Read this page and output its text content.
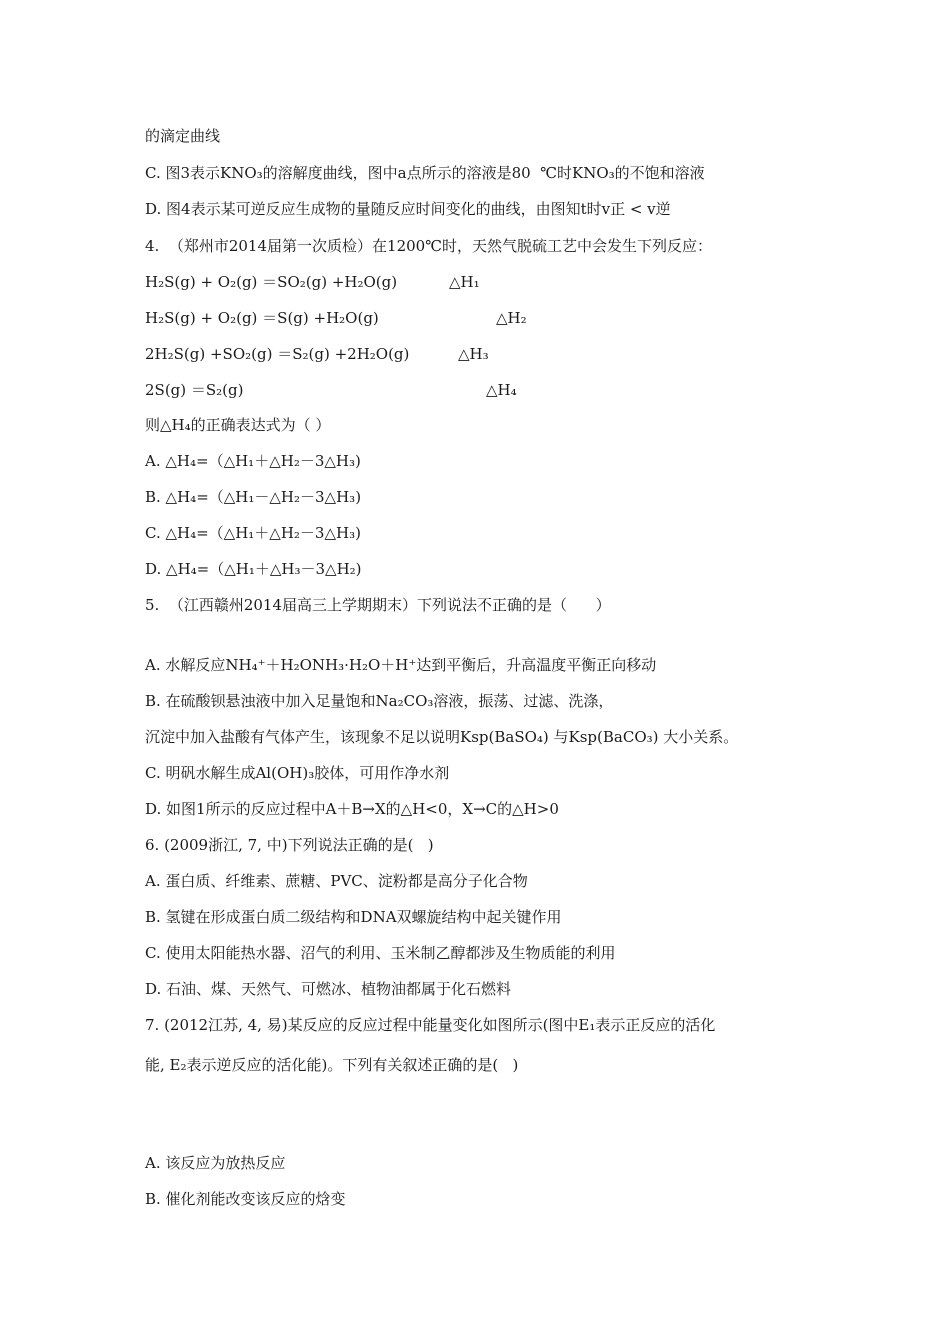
的滴定曲线
C. 图3表示KNO₃的溶解度曲线，图中a点所示的溶液是80  ℃时KNO₃的不饱和溶液
D. 图4表示某可逆反应生成物的量随反应时间变化的曲线，由图知t时v正 < v逆
4.  （郑州市2014届第一次质检）在1200℃时，天然气脱硫工艺中会发生下列反应：
H₂S(g) + O₂(g) ＝SO₂(g) +H₂O(g)	△H₁
H₂S(g) + O₂(g) ＝S(g) +H₂O(g)	△H₂
2H₂S(g) +SO₂(g) ＝S₂(g) +2H₂O(g)	△H₃
2S(g) ＝S₂(g)	△H₄
则△H₄的正确表达式为（ ）
A. △H₄=（△H₁＋△H₂－3△H₃)
B. △H₄=（△H₁－△H₂－3△H₃)
C. △H₄=（△H₁＋△H₂－3△H₃)
D. △H₄=（△H₁＋△H₃－3△H₂)
5.  （江西赣州2014届高三上学期期末）下列说法不正确的是（      ）
A. 水解反应NH₄⁺＋H₂ONH₃·H₂O＋H⁺达到平衡后，升高温度平衡正向移动
B. 在硫酸钡悬浊液中加入足量饱和Na₂CO₃溶液，振荡、过滤、洗涤，
沉淀中加入盐酸有气体产生，该现象不足以说明Ksp(BaSO₄) 与Ksp(BaCO₃) 大小关系。
C. 明矾水解生成Al(OH)₃胶体，可用作净水剂
D. 如图1所示的反应过程中A＋B→X的△H<0，X→C的△H>0
6. (2009浙江, 7, 中)下列说法正确的是(   )
A. 蛋白质、纤维素、蔗糖、PVC、淀粉都是高分子化合物
B. 氢键在形成蛋白质二级结构和DNA双螺旋结构中起关键作用
C. 使用太阳能热水器、沼气的利用、玉米制乙醇都涉及生物质能的利用
D. 石油、煤、天然气、可燃冰、植物油都属于化石燃料
7. (2012江苏, 4, 易)某反应的反应过程中能量变化如图所示(图中E₁表示正反应的活化
能, E₂表示逆反应的活化能)。下列有关叙述正确的是(   )
A. 该反应为放热反应
B. 催化剂能改变该反应的焓变
